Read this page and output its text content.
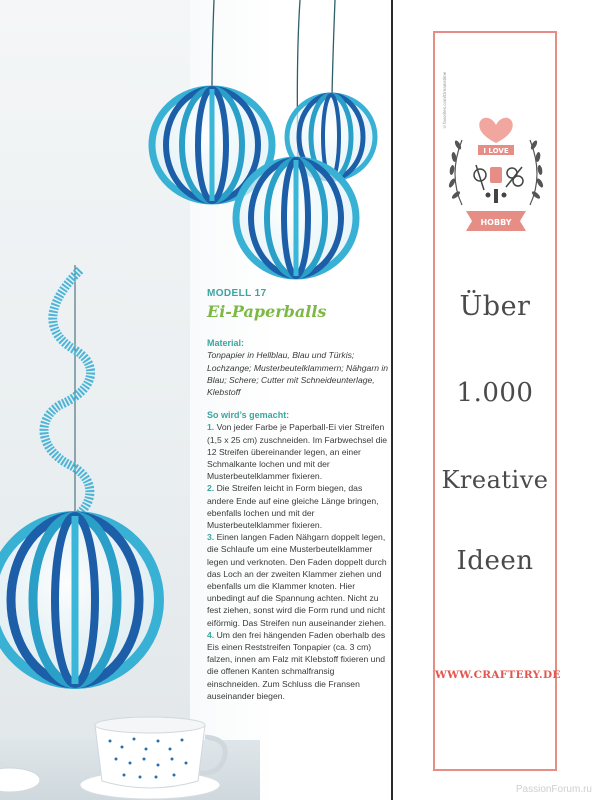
MODELL 17

Ei-Paperballs

Material:

Tonpapier in Hellblau, Blau und Türkis; Lochzange; Musterbeutelklammern; Nähgarn in Blau; Schere; Cutter mit Schneideunterlage, Klebstoff

So wird’s gemacht:

1. Von jeder Farbe je Paperball-Ei vier Streifen (1,5 x 25 cm) zuschneiden. Im Farbwechsel die 12 Streifen übereinander legen, an einer Schmalkante lochen und mit der Musterbeutelklammer fixieren.

2. Die Streifen leicht in Form biegen, das andere Ende auf eine gleiche Länge bringen, ebenfalls lochen und mit der Musterbeutelklammer fixieren.

3. Einen langen Faden Nähgarn doppelt legen, die Schlaufe um eine Musterbeutelklammer legen und verknoten. Den Faden doppelt durch das Loch an der zweiten Klammer ziehen und ebenfalls um die Klammer knoten. Hier unbedingt auf die Spannung achten. Nicht zu fest ziehen, sonst wird die Form rund und nicht eiförmig. Das Streifen nun auseinander ziehen.

4. Um den frei hängenden Faden oberhalb des Eis einen Reststreifen Tonpapier (ca. 3 cm) falzen, innen am Falz mit Klebstoff fixieren und die offenen Kanten schmalfransig einschneiden. Zum Schluss die Fransen auseinander biegen.

©favorites.com/Dreamstime
I LOVE
HOBBY
Über
1.000
Kreative
Ideen
WWW.CRAFTERY.DE
PassionForum.ru
